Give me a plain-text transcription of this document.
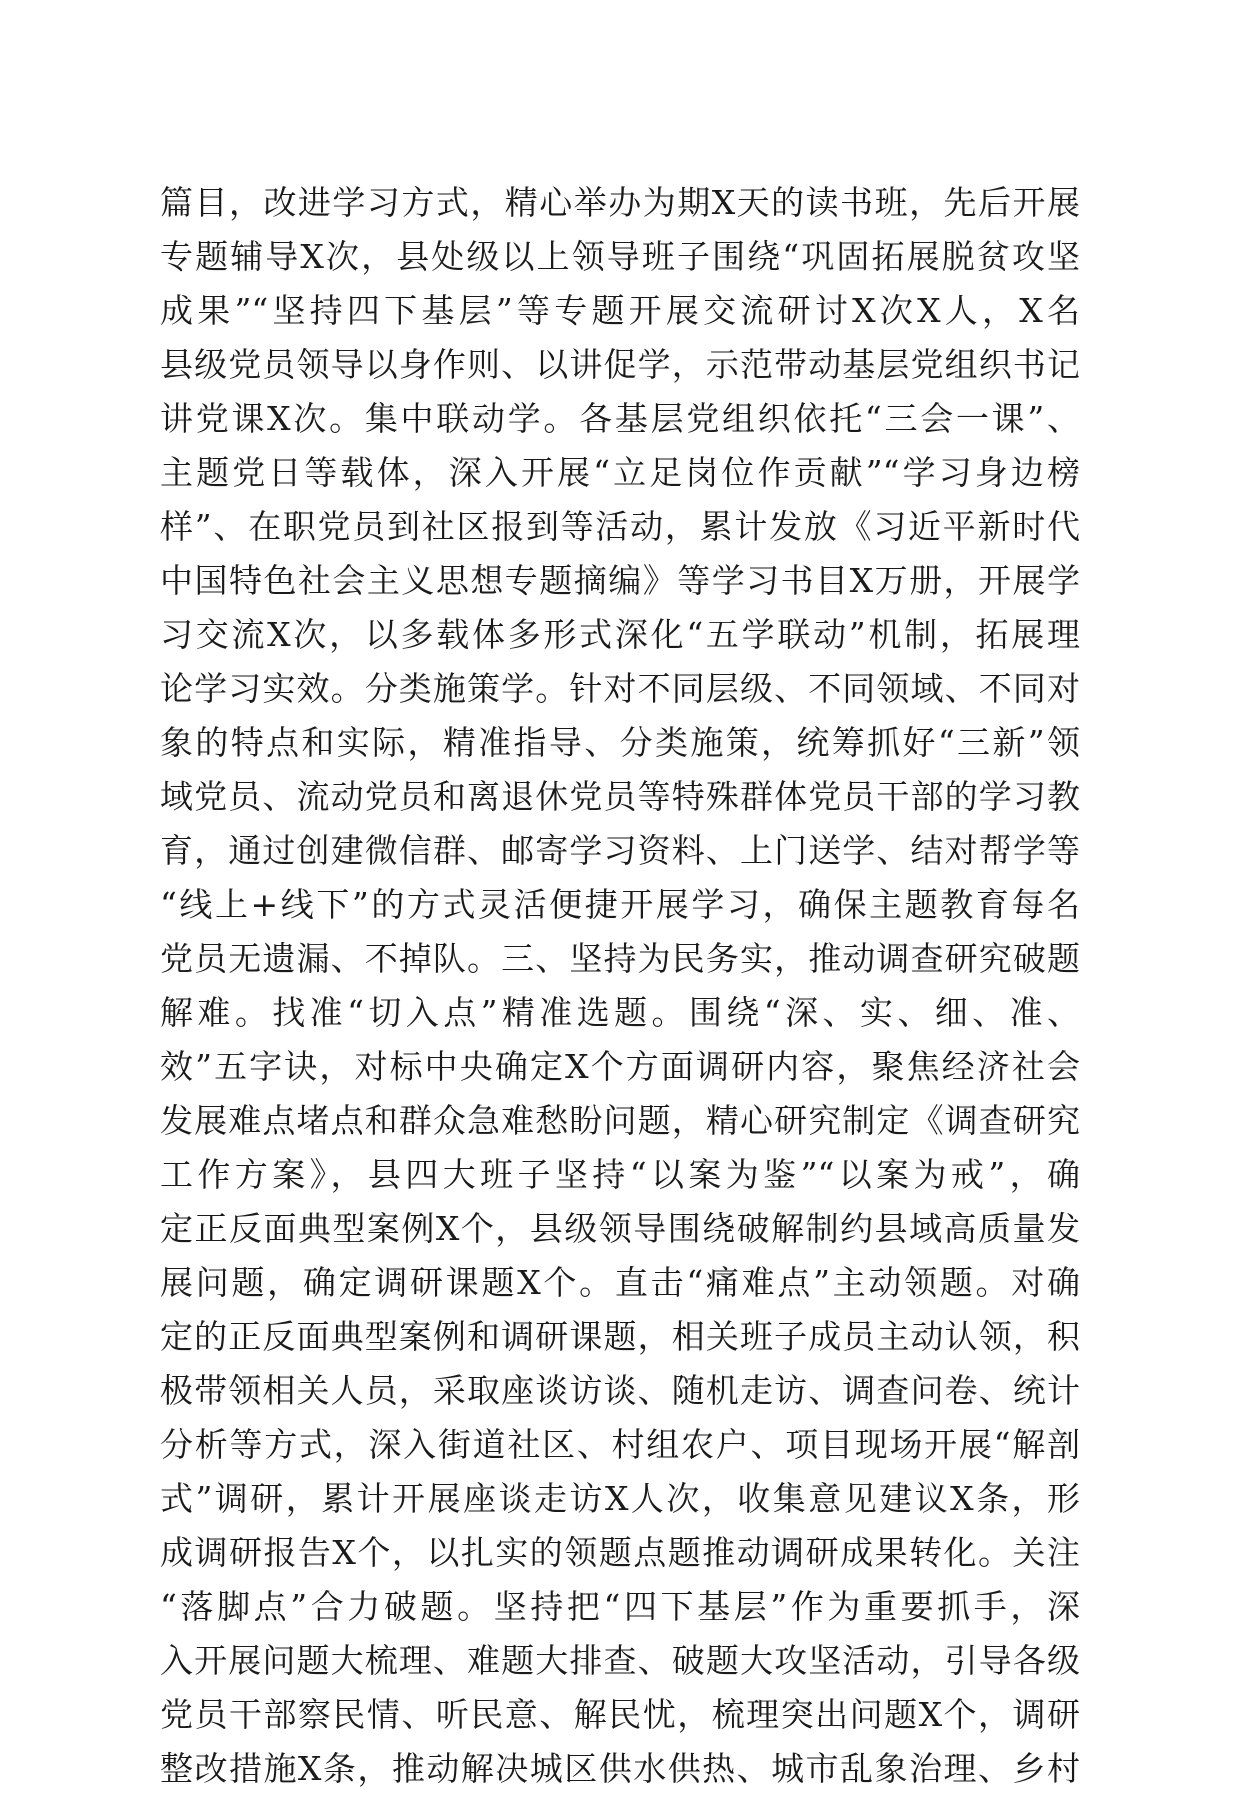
篇目，改进学习方式，精心举办为期X天的读书班，先后开展
专题辅导X次，县处级以上领导班子围绕“巩固拓展脱贫攻坚
成果”“坚持四下基层”等专题开展交流研讨X次X人，X名
县级党员领导以身作则、以讲促学，示范带动基层党组织书记
讲党课X次。集中联动学。各基层党组织依托“三会一课”、
主题党日等载体，深入开展“立足岗位作贡献”“学习身边榜
样”、在职党员到社区报到等活动，累计发放《习近平新时代
中国特色社会主义思想专题摘编》等学习书目X万册，开展学
习交流X次，以多载体多形式深化“五学联动”机制，拓展理
论学习实效。分类施策学。针对不同层级、不同领域、不同对
象的特点和实际，精准指导、分类施策，统筹抓好“三新”领
域党员、流动党员和离退休党员等特殊群体党员干部的学习教
育，通过创建微信群、邮寄学习资料、上门送学、结对帮学等
“线上+线下”的方式灵活便捷开展学习，确保主题教育每名
党员无遗漏、不掉队。三、坚持为民务实，推动调查研究破题
解难。找准“切入点”精准选题。围绕“深、实、细、准、
效”五字诀，对标中央确定X个方面调研内容，聚焦经济社会
发展难点堵点和群众急难愁盼问题，精心研究制定《调查研究
工作方案》，县四大班子坚持“以案为鉴”“以案为戒”，确
定正反面典型案例X个，县级领导围绕破解制约县域高质量发
展问题，确定调研课题X个。直击“痛难点”主动领题。对确
定的正反面典型案例和调研课题，相关班子成员主动认领，积
极带领相关人员，采取座谈访谈、随机走访、调查问卷、统计
分析等方式，深入街道社区、村组农户、项目现场开展“解剖
式”调研，累计开展座谈走访X人次，收集意见建议X条，形
成调研报告X个，以扎实的领题点题推动调研成果转化。关注
“落脚点”合力破题。坚持把“四下基层”作为重要抓手，深
入开展问题大梳理、难题大排查、破题大攻坚活动，引导各级
党员干部察民情、听民意、解民忧，梳理突出问题X个，调研
整改措施X条，推动解决城区供水供热、城市乱象治理、乡村
